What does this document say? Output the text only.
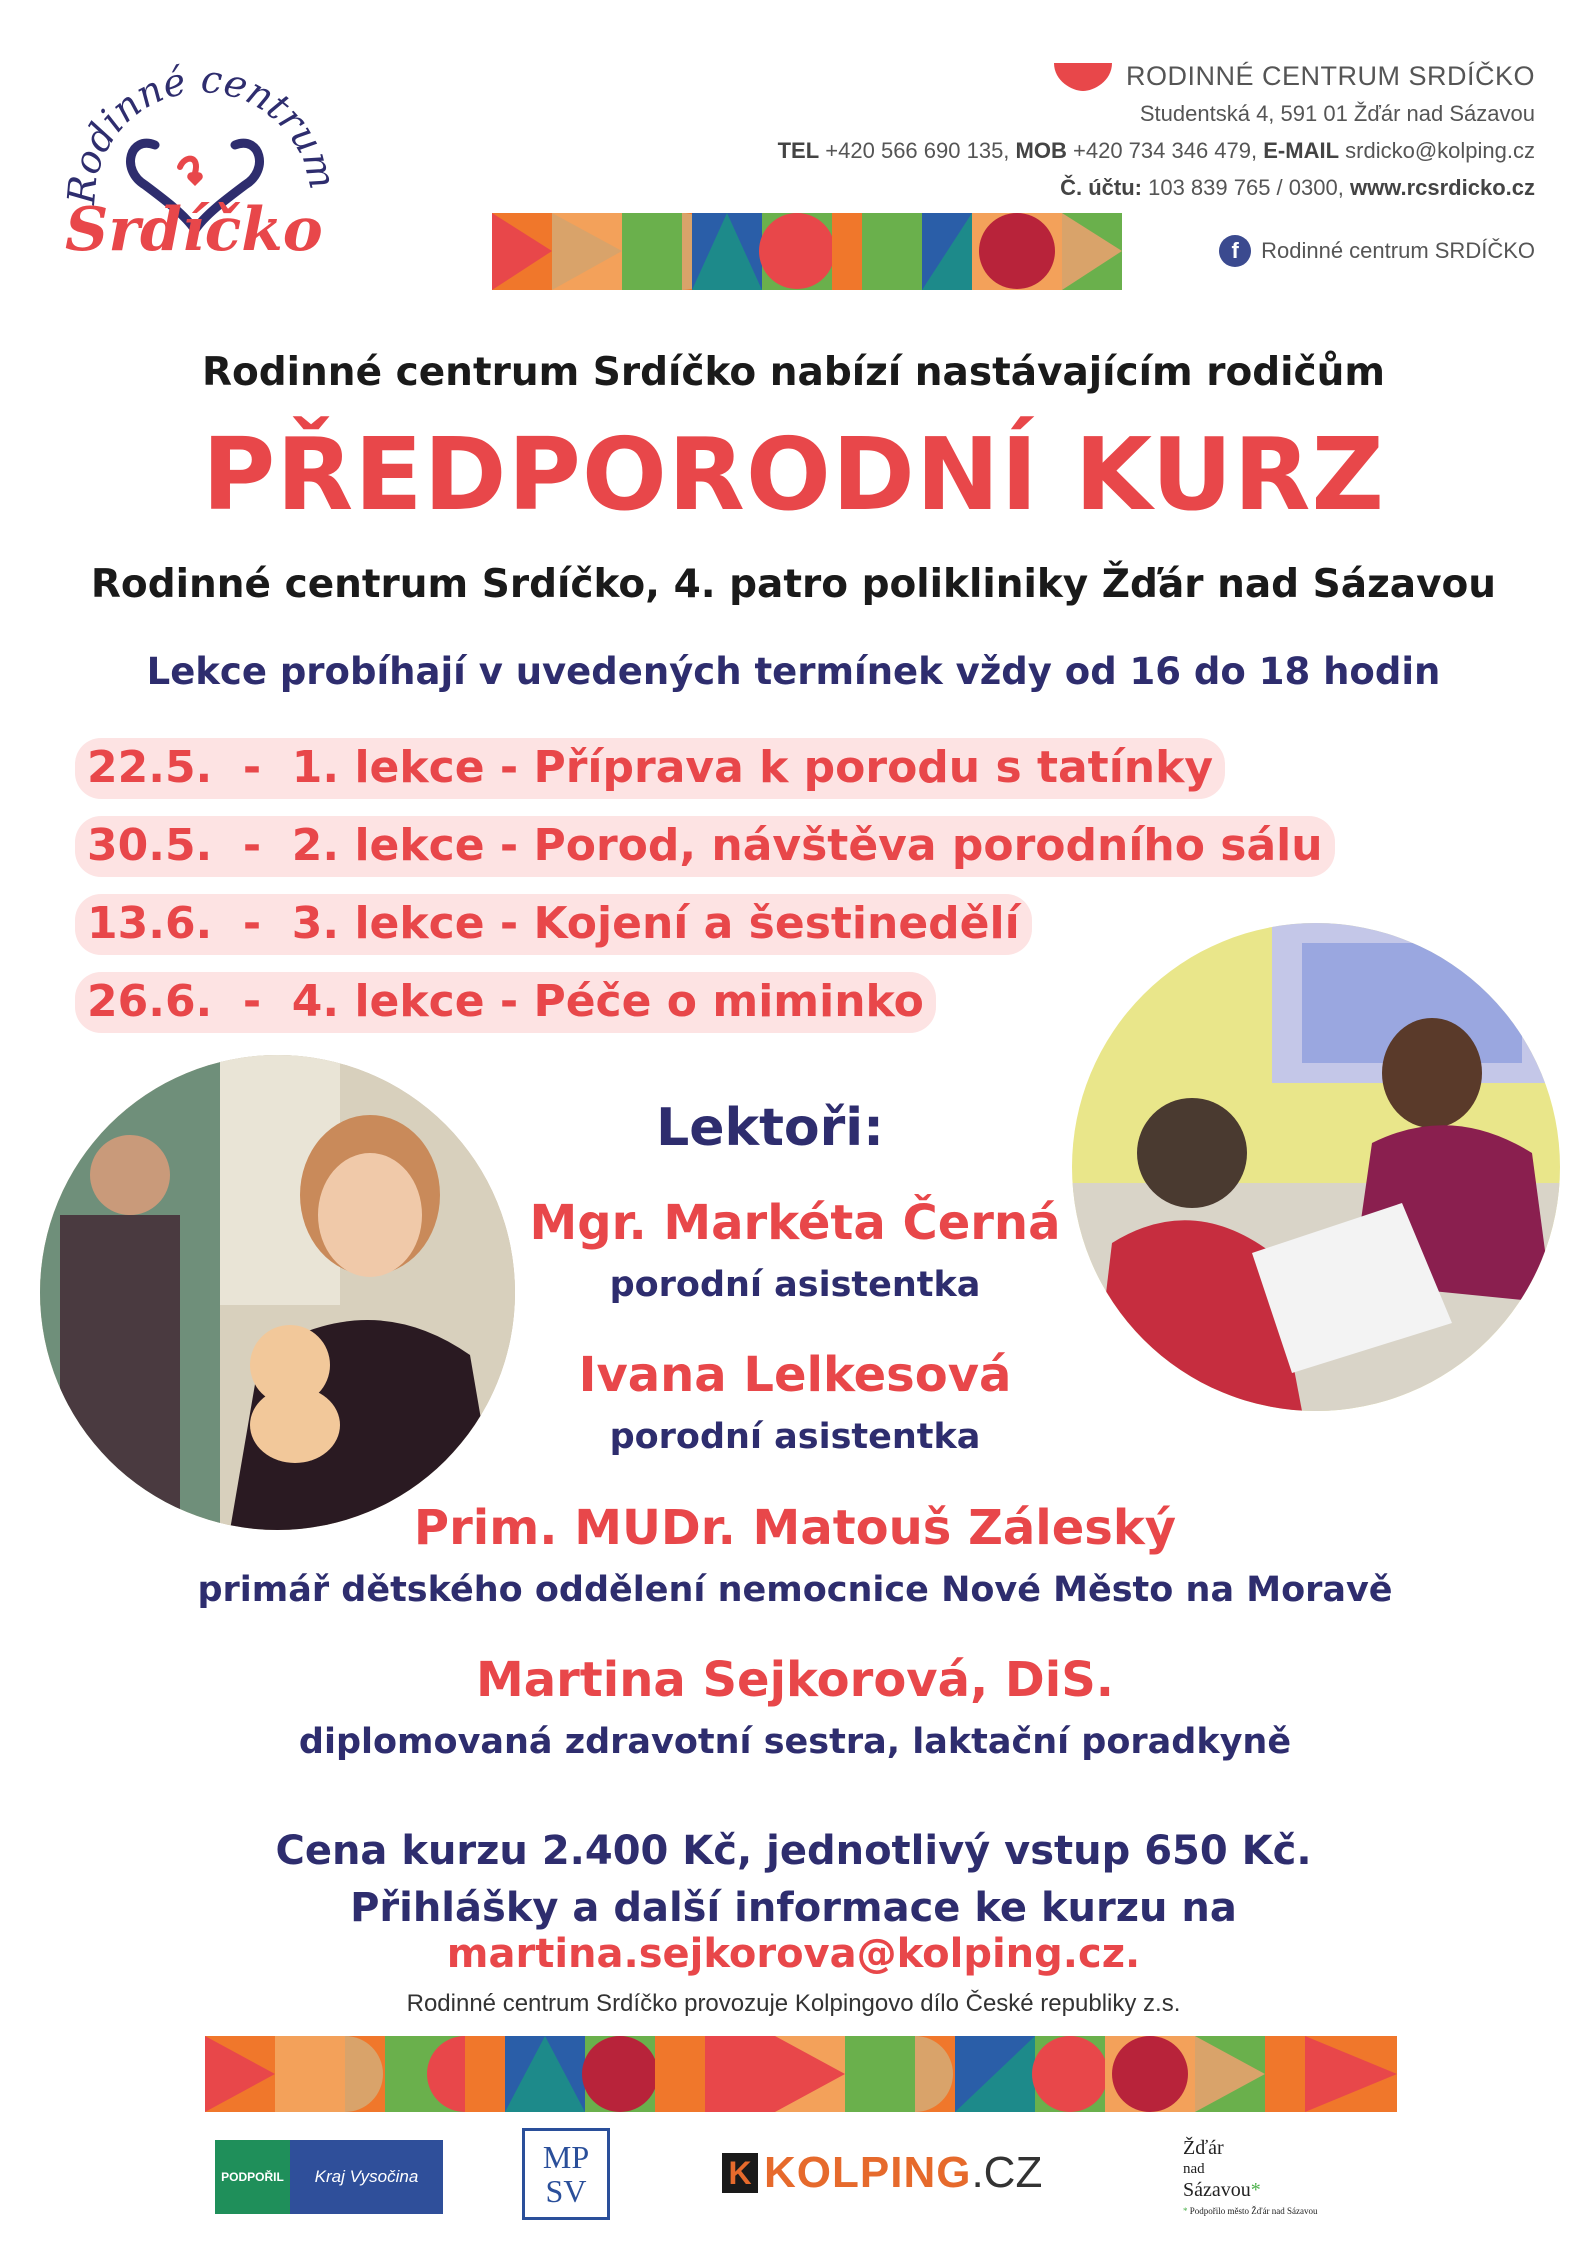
Rodinné centru
Srdíčko
RODINNÉ CENTRUM SRDÍČKO
Studentská 4, 591 01 Žďár nad Sázavou
TEL +420 566 690 135, MOB +420 734 346 479, E-MAIL srdicko@kolping.cz
Č. účtu: 103 839 765 / 0300, www.rcsrdicko.cz
f	Rodinné centrum SRDÍČKO
Rodinné centrum Srdíčko nabízí nastávajícím rodičům
PŘEDPORODNÍ KURZ
Rodinné centrum Srdíčko, 4. patro polikliniky Žďár nad Sázavou
Lekce probíhají v uvedených termínek vždy od 16 do 18 hodin
22.5.  -  1. lekce - Příprava k porodu s tatínky
30.5.  -  2. lekce - Porod, návštěva porodního sálu
13.6.  -  3. lekce - Kojení a šestinedělí
26.6.  -  4. lekce - Péče o miminko
Lektoři:
Mgr. Markéta Černá
porodní asistentka
Ivana Lelkesová
porodní asistentka
Prim. MUDr. Matouš Záleský
primář dětského oddělení nemocnice Nové Město na Moravě
Martina Sejkorová, DiS.
diplomovaná zdravotní sestra, laktační poradkyně
Cena kurzu 2.400 Kč, jednotlivý vstup 650 Kč.
Přihlášky a další informace ke kurzu na martina.sejkorova@kolping.cz.
Rodinné centrum Srdíčko provozuje Kolpingovo dílo České republiky z.s.
PODPOŘIL	Kraj Vysočina
MP
SV
K KOLPING .CZ	Žďár
nad
Sázavou*
* Podpořilo město Žďár nad Sázavou
